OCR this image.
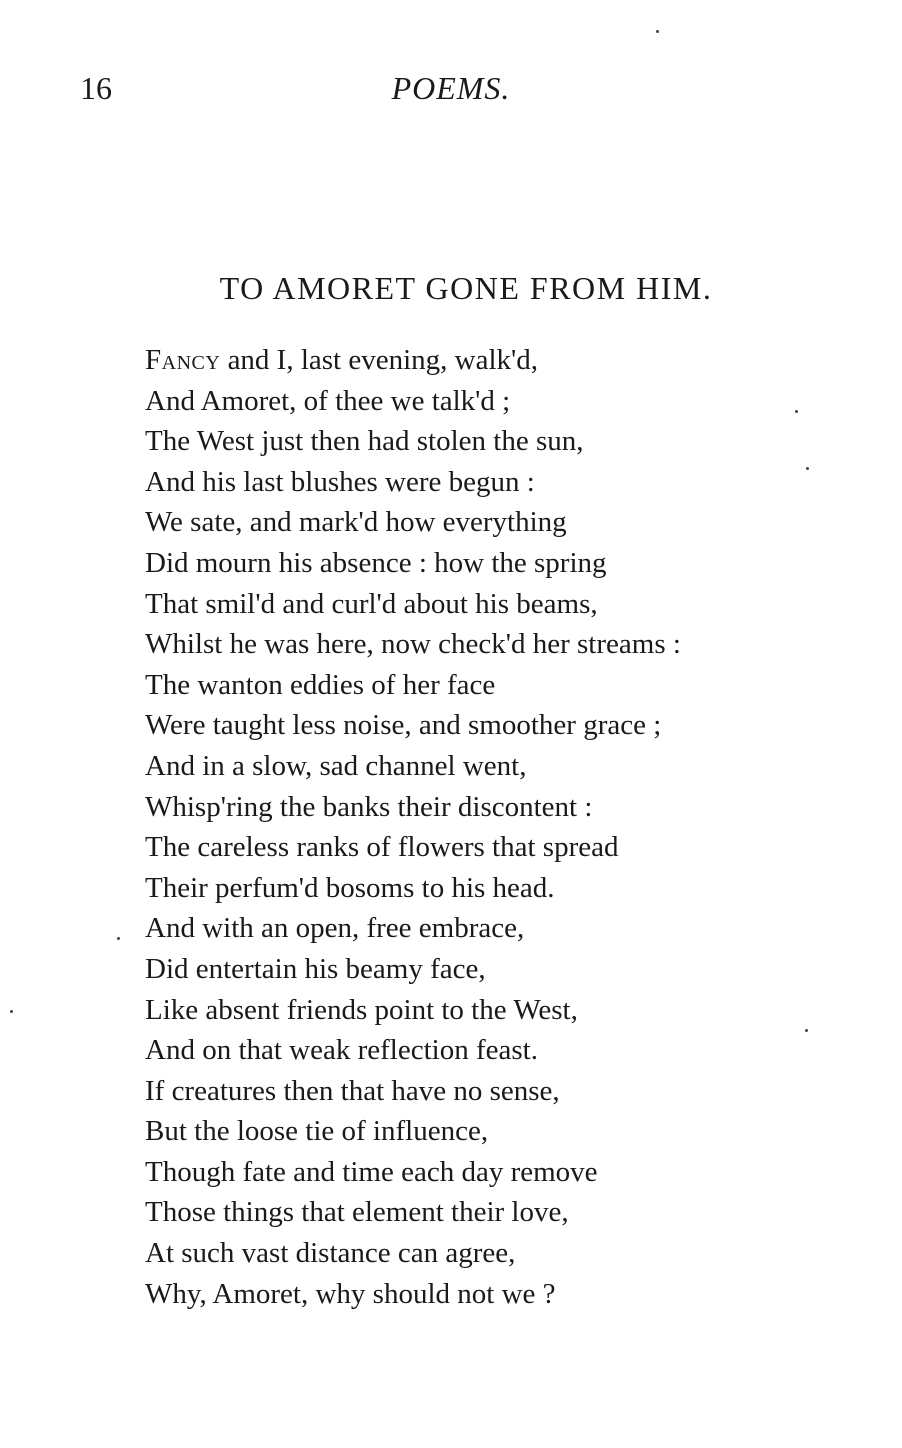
16	POEMS.
TO AMORET GONE FROM HIM.
Fancy and I, last evening, walk'd,
And Amoret, of thee we talk'd ;
The West just then had stolen the sun,
And his last blushes were begun :
We sate, and mark'd how everything
Did mourn his absence : how the spring
That smil'd and curl'd about his beams,
Whilst he was here, now check'd her streams :
The wanton eddies of her face
Were taught less noise, and smoother grace ;
And in a slow, sad channel went,
Whisp'ring the banks their discontent :
The careless ranks of flowers that spread
Their perfum'd bosoms to his head.
And with an open, free embrace,
Did entertain his beamy face,
Like absent friends point to the West,
And on that weak reflection feast.
If creatures then that have no sense,
But the loose tie of influence,
Though fate and time each day remove
Those things that element their love,
At such vast distance can agree,
Why, Amoret, why should not we ?
